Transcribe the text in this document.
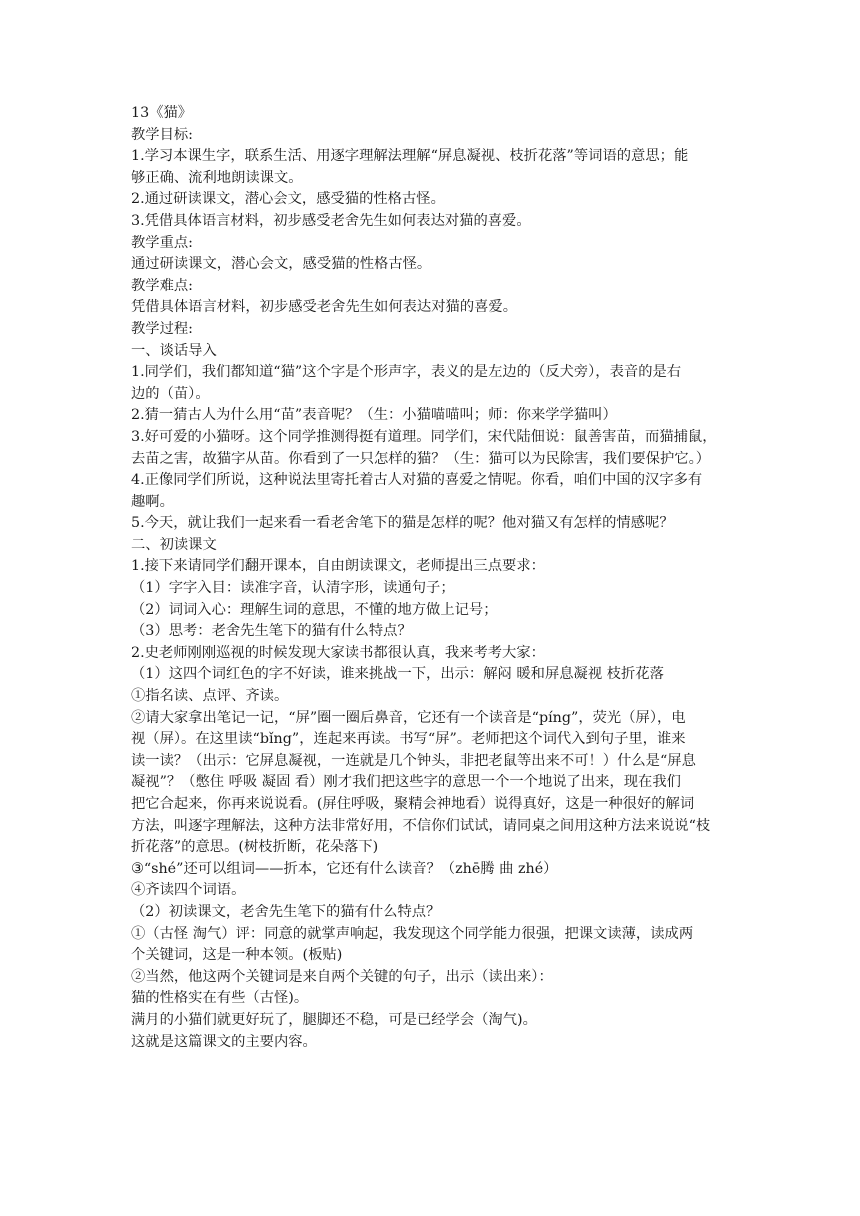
13《猫》
教学目标:
1.学习本课生字，联系生活、用逐字理解法理解“屏息凝视、枝折花落”等词语的意思；能
够正确、流利地朗读课文。
2.通过研读课文，潜心会文，感受猫的性格古怪。
3.凭借具体语言材料，初步感受老舍先生如何表达对猫的喜爱。
教学重点:
通过研读课文，潜心会文，感受猫的性格古怪。
教学难点:
凭借具体语言材料，初步感受老舍先生如何表达对猫的喜爱。
教学过程:
一、谈话导入
1.同学们，我们都知道“猫”这个字是个形声字，表义的是左边的（反犬旁），表音的是右
边的（苗）。
2.猜一猜古人为什么用“苗”表音呢？（生：小猫喵喵叫；师：你来学学猫叫）
3.好可爱的小猫呀。这个同学推测得挺有道理。同学们，宋代陆佃说：鼠善害苗，而猫捕鼠，
去苗之害，故猫字从苗。你看到了一只怎样的猫？（生：猫可以为民除害，我们要保护它。）
4.正像同学们所说，这种说法里寄托着古人对猫的喜爱之情呢。你看，咱们中国的汉字多有
趣啊。
5.今天，就让我们一起来看一看老舍笔下的猫是怎样的呢？他对猫又有怎样的情感呢？
二、初读课文
1.接下来请同学们翻开课本，自由朗读课文，老师提出三点要求：
（1）字字入目：读准字音，认清字形，读通句子；
（2）词词入心：理解生词的意思，不懂的地方做上记号；
（3）思考：老舍先生笔下的猫有什么特点？
2.史老师刚刚巡视的时候发现大家读书都很认真，我来考考大家：
（1）这四个词红色的字不好读，谁来挑战一下，出示：解闷 暖和屏息凝视 枝折花落
①指名读、点评、齐读。
②请大家拿出笔记一记，“屏”圈一圈后鼻音，它还有一个读音是“píng”，荧光（屏），电
视（屏）。在这里读“bǐng”，连起来再读。书写“屏”。老师把这个词代入到句子里，谁来
读一读？（出示：它屏息凝视，一连就是几个钟头，非把老鼠等出来不可！）什么是“屏息
凝视”？（憋住 呼吸 凝固 看）刚才我们把这些字的意思一个一个地说了出来，现在我们
把它合起来，你再来说说看。(屏住呼吸，聚精会神地看）说得真好，这是一种很好的解词
方法，叫逐字理解法，这种方法非常好用，不信你们试试，请同桌之间用这种方法来说说“枝
折花落”的意思。(树枝折断，花朵落下)
③“shé”还可以组词——折本，它还有什么读音？（zhē腾 曲 zhé）
④齐读四个词语。
（2）初读课文，老舍先生笔下的猫有什么特点？
①（古怪 淘气）评：同意的就掌声响起，我发现这个同学能力很强，把课文读薄，读成两
个关键词，这是一种本领。(板贴)
②当然，他这两个关键词是来自两个关键的句子，出示（读出来）：
猫的性格实在有些（古怪)。
满月的小猫们就更好玩了，腿脚还不稳，可是已经学会（淘气)。
这就是这篇课文的主要内容。
